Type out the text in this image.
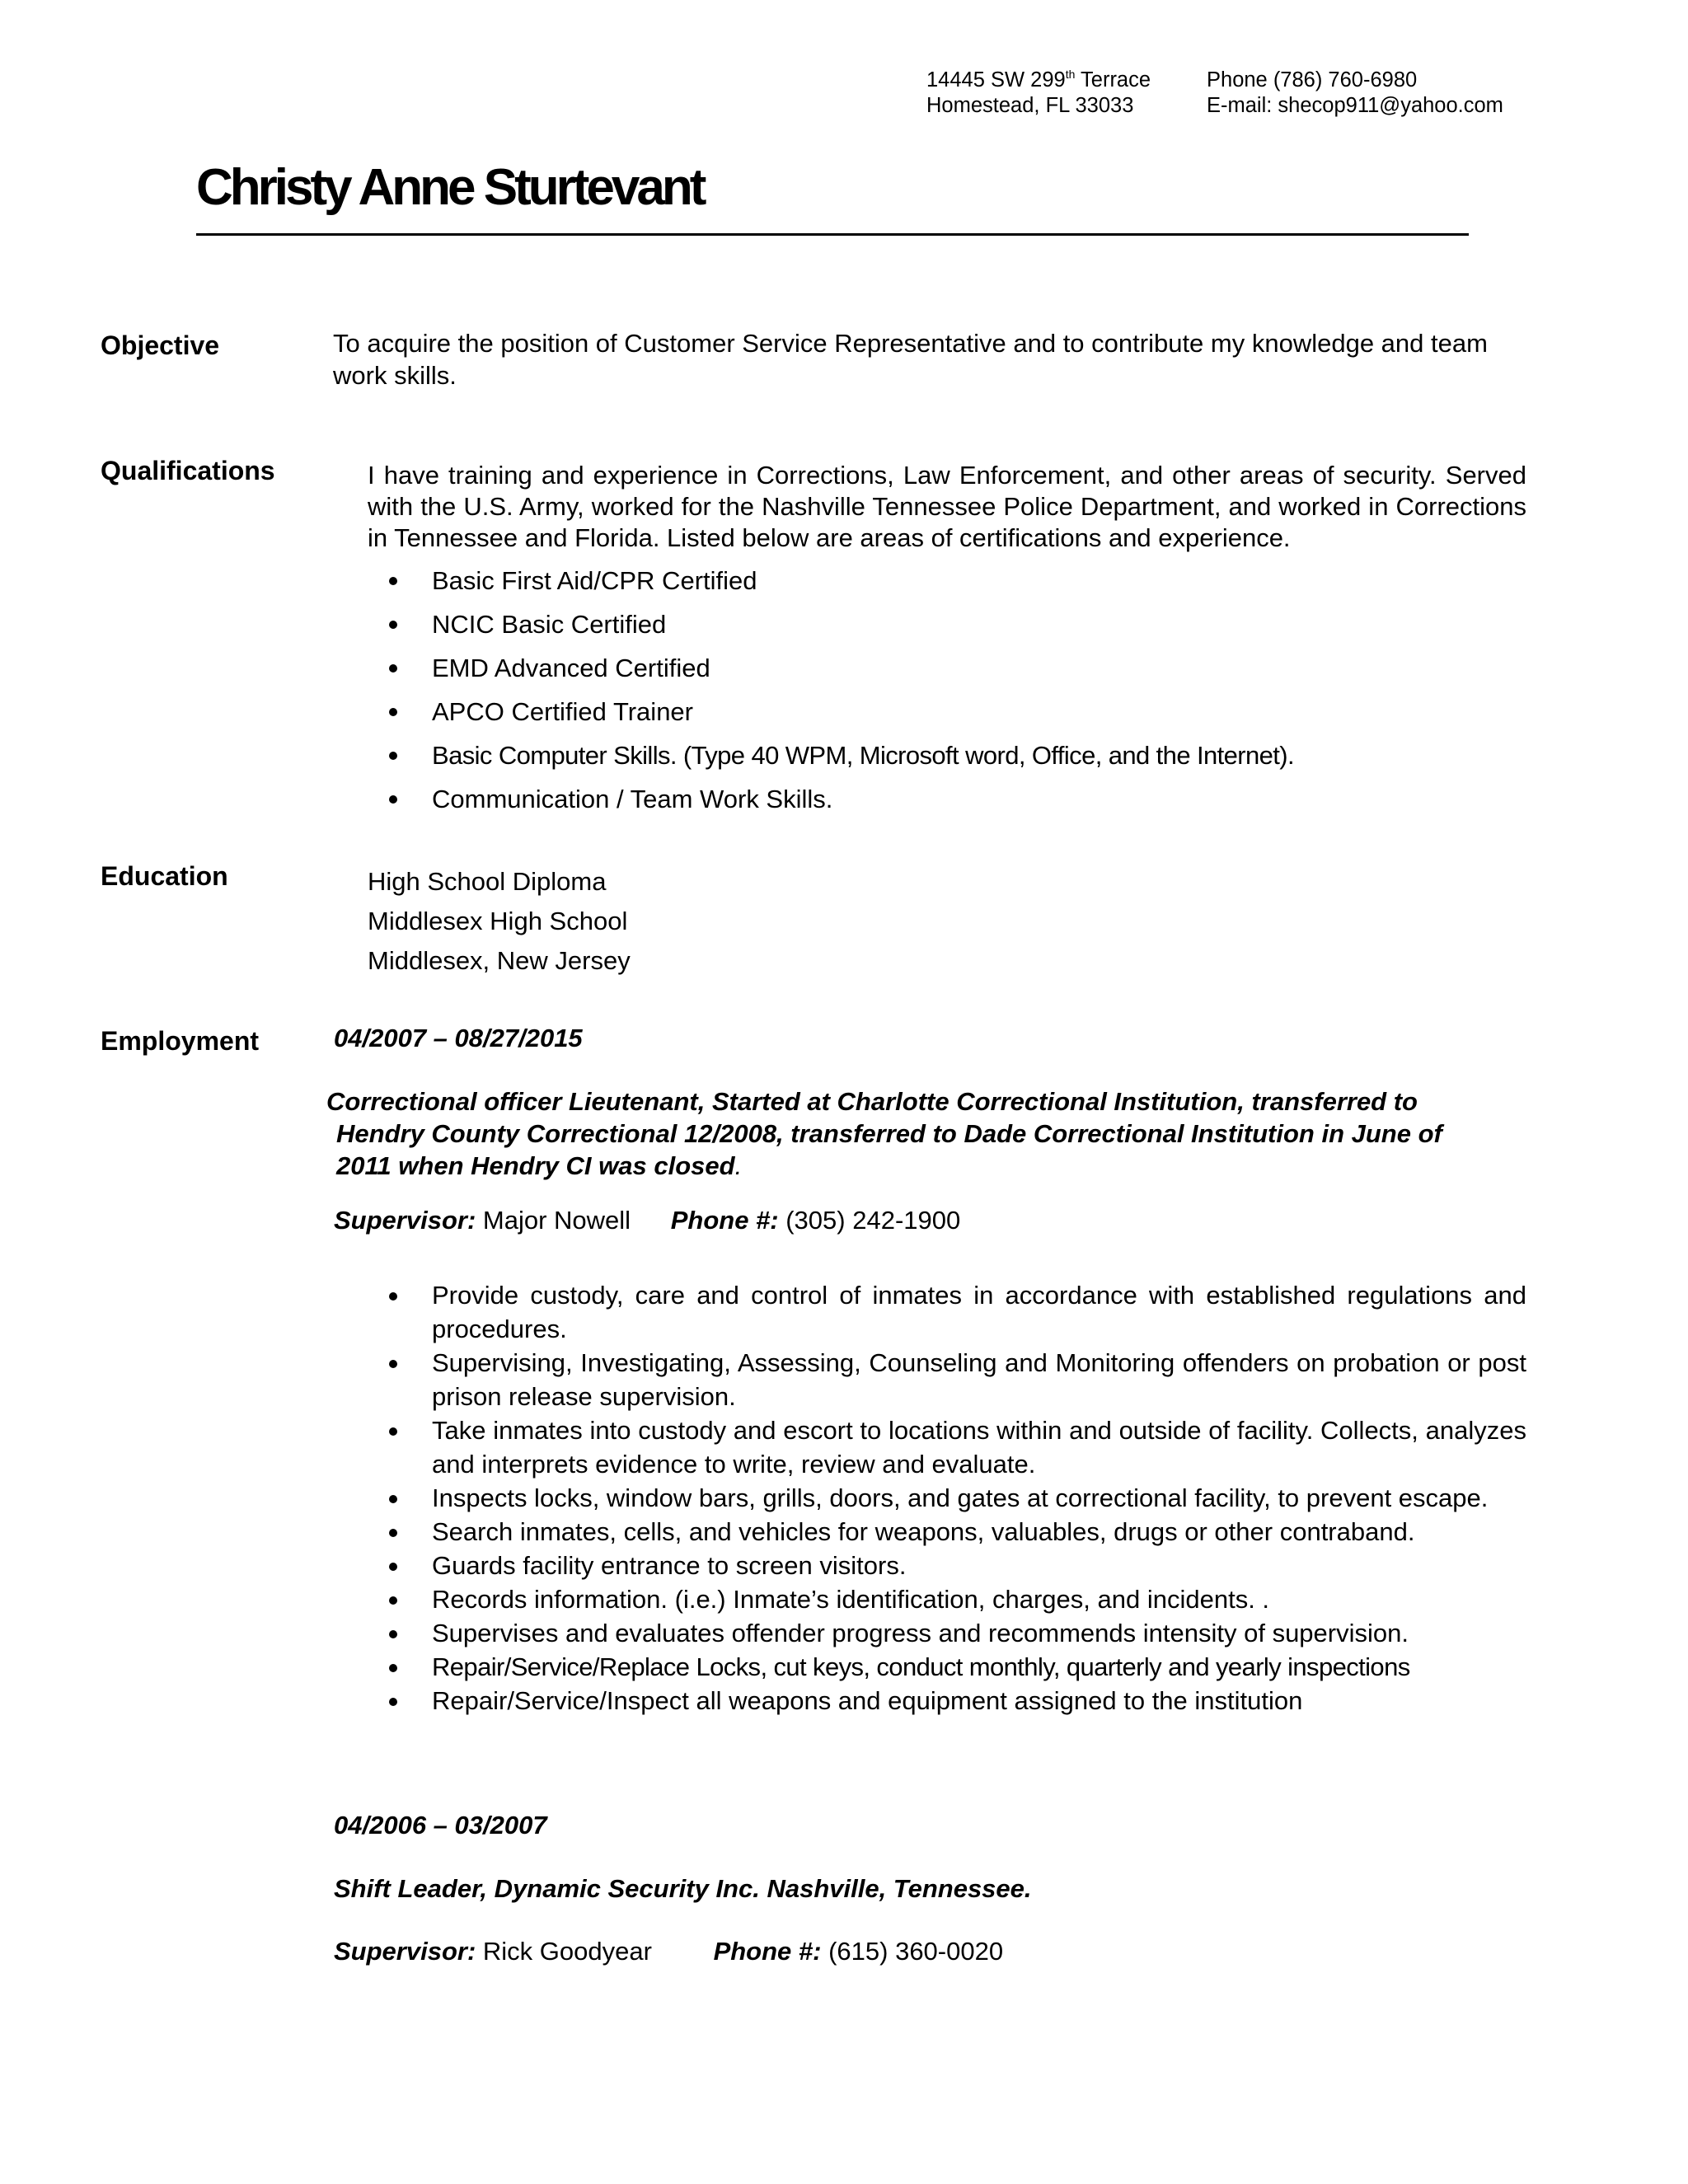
14445 SW 299th Terrace
Homestead, FL 33033
Phone (786) 760-6980
E-mail: shecop911@yahoo.com
Christy Anne Sturtevant
Objective	To acquire the position of Customer Service Representative and to contribute my knowledge and team work skills.
Qualifications	I have training and experience in Corrections, Law Enforcement, and other areas of security. Served with the U.S. Army, worked for the Nashville Tennessee Police Department, and worked in Corrections in Tennessee and Florida. Listed below are areas of certifications and experience.
Basic First Aid/CPR Certified
NCIC Basic Certified
EMD Advanced Certified
APCO Certified Trainer
Basic Computer Skills. (Type 40 WPM, Microsoft word, Office, and the Internet).
Communication / Team Work Skills.
Education	High School Diploma
Middlesex High School
Middlesex, New Jersey
Employment	04/2007 – 08/27/2015
Correctional officer Lieutenant, Started at Charlotte Correctional Institution, transferred to
Hendry County Correctional 12/2008, transferred to Dade Correctional Institution in June of
2011 when Hendry CI was closed.
Supervisor: Major Nowell Phone #: (305) 242-1900
Provide custody, care and control of inmates in accordance with established regulations and procedures.
Supervising, Investigating, Assessing, Counseling and Monitoring offenders on probation or post prison release supervision.
Take inmates into custody and escort to locations within and outside of facility. Collects, analyzes and interprets evidence to write, review and evaluate.
Inspects locks, window bars, grills, doors, and gates at correctional facility, to prevent escape.
Search inmates, cells, and vehicles for weapons, valuables, drugs or other contraband.
Guards facility entrance to screen visitors.
Records information. (i.e.) Inmate’s identification, charges, and incidents. .
Supervises and evaluates offender progress and recommends intensity of supervision.
Repair/Service/Replace Locks, cut keys, conduct monthly, quarterly and yearly inspections
Repair/Service/Inspect all weapons and equipment assigned to the institution
04/2006 – 03/2007
Shift Leader, Dynamic Security Inc. Nashville, Tennessee.
Supervisor: Rick Goodyear Phone #: (615) 360-0020
